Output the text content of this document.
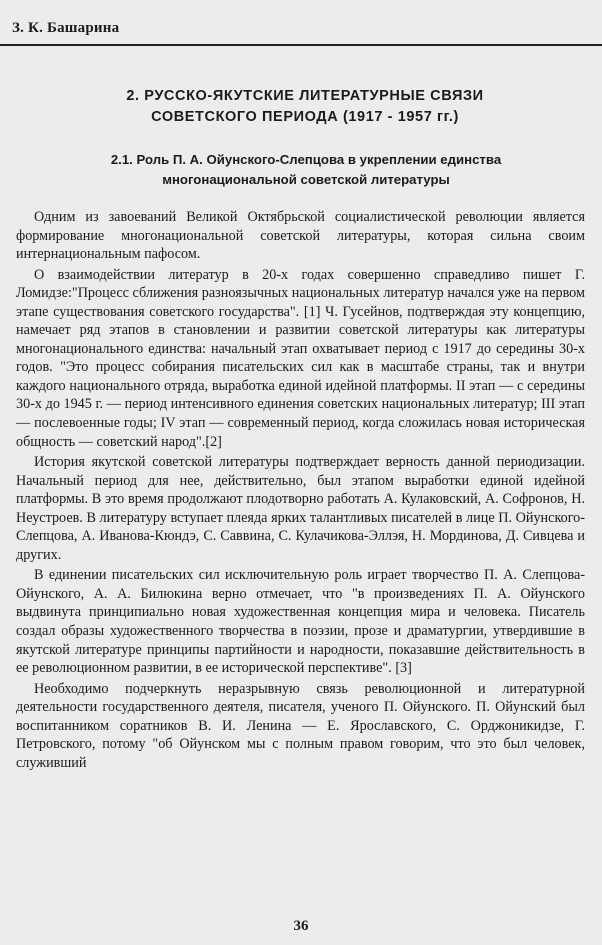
З. К. Башарина
2. РУССКО-ЯКУТСКИЕ ЛИТЕРАТУРНЫЕ СВЯЗИ
СОВЕТСКОГО ПЕРИОДА (1917 - 1957 гг.)
2.1. Роль П. А. Ойунского-Слепцова в укреплении единства
многонациональной советской литературы

Одним из завоеваний Великой Октябрьской социалистической революции является формирование многонациональной советской литературы, которая сильна своим интернациональным пафосом.

О взаимодействии литератур в 20-х годах совершенно справедливо пишет Г. Ломидзе:"Процесс сближения разноязычных национальных литератур начался уже на первом этапе существования советского государства". [1] Ч. Гусейнов, подтверждая эту концепцию, намечает ряд этапов в становлении и развитии советской литературы как литературы многонационального единства: начальный этап охватывает период с 1917 до середины 30-х годов. "Это процесс собирания писательских сил как в масштабе страны, так и внутри каждого национального отряда, выработка единой идейной платформы. II этап — с середины 30-х до 1945 г. — период интенсивного единения советских национальных литератур; III этап — послевоенные годы; IV этап — современный период, когда сложилась новая историческая общность — советский народ".[2]

История якутской советской литературы подтверждает верность данной периодизации. Начальный период для нее, действительно, был этапом выработки единой идейной платформы. В это время продолжают плодотворно работать А. Кулаковский, А. Софронов, Н. Неустроев. В литературу вступает плеяда ярких талантливых писателей в лице П. Ойунского-Слепцова, А. Иванова-Кюндэ, С. Саввина, С. Кулачикова-Эллэя, Н. Мординова, Д. Сивцева и других.

В единении писательских сил исключительную роль играет творчество П. А. Слепцова-Ойунского, А. А. Билюкина верно отмечает, что "в произведениях П. А. Ойунского выдвинута принципиально новая художественная концепция мира и человека. Писатель создал образы художественного творчества в поэзии, прозе и драматургии, утвердившие в якутской литературе принципы партийности и народности, показавшие действительность в ее революционном развитии, в ее исторической перспективе". [3]

Необходимо подчеркнуть неразрывную связь революционной и литературной деятельности государственного деятеля, писателя, ученого П. Ойунского. П. Ойунский был воспитанником соратников В. И. Ленина — Е. Ярославского, С. Орджоникидзе, Г. Петровского, потому "об Ойунском мы с полным правом говорим, что это был человек, служивший

36
